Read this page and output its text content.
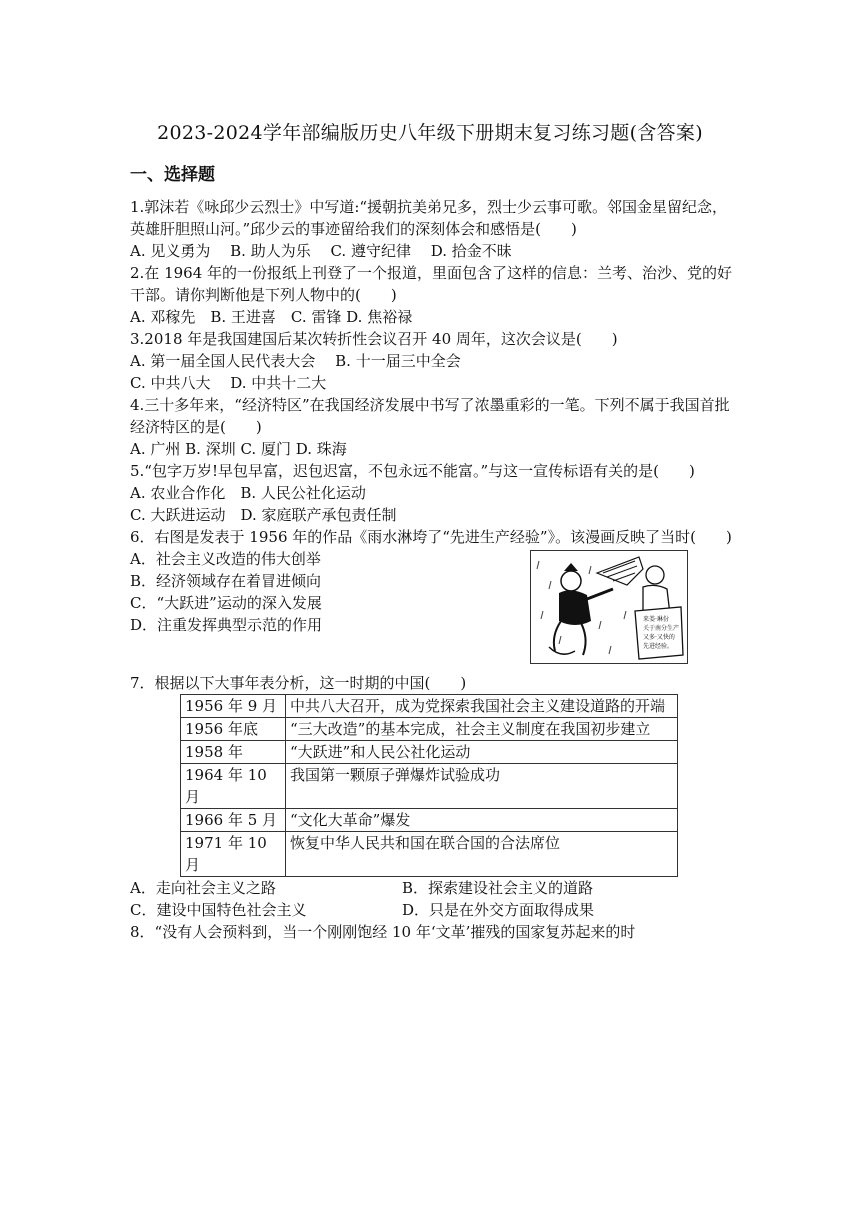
2023-2024学年部编版历史八年级下册期末复习练习题(含答案)
一、选择题

1.郭沫若《咏邱少云烈士》中写道:“援朝抗美弟兄多，烈士少云事可歌。邻国金星留纪念，英雄肝胆照山河。”邱少云的事迹留给我们的深刻体会和感悟是(　　)

A. 见义勇为　 B. 助人为乐　 C. 遵守纪律　 D. 拾金不昧

2.在 1964 年的一份报纸上刊登了一个报道，里面包含了这样的信息：兰考、治沙、党的好干部。请你判断他是下列人物中的(　　)

A. 邓稼先　B. 王进喜　C. 雷锋 D. 焦裕禄

3.2018 年是我国建国后某次转折性会议召开 40 周年，这次会议是(　　)

A. 第一届全国人民代表大会　 B. 十一届三中全会

C. 中共八大　 D. 中共十二大

4.三十多年来，“经济特区”在我国经济发展中书写了浓墨重彩的一笔。下列不属于我国首批经济特区的是(　　)

A. 广州 B. 深圳 C. 厦门 D. 珠海

5.“包字万岁!早包早富，迟包迟富，不包永远不能富。”与这一宣传标语有关的是(　　)

A. 农业合作化　B. 人民公社化运动

C. 大跃进运动　D. 家庭联产承包责任制

6．右图是发表于 1956 年的作品《雨水淋垮了“先进生产经验”》。该漫画反映了当时(　　)

A．社会主义改造的伟大创举

B．经济领域存在着冒进倾向

C．“大跃进”运动的深入发展

D．注重发挥典型示范的作用	来娄·琳份
关于南分生产
又多·又快的
先进经验。

7．根据以下大事年表分析，这一时期的中国(　　)

1956 年 9 月	中共八大召开，成为党探索我国社会主义建设道路的开端
1956 年底	“三大改造”的基本完成，社会主义制度在我国初步建立
1958 年	“大跃进”和人民公社化运动
1964 年 10 月	我国第一颗原子弹爆炸试验成功
1966 年 5 月	“文化大革命”爆发
1971 年 10 月	恢复中华人民共和国在联合国的合法席位

A．走向社会主义之路	B．探索建设社会主义的道路

C．建设中国特色社会主义	D．只是在外交方面取得成果

8．“没有人会预料到，当一个刚刚饱经 10 年‘文革’摧残的国家复苏起来的时
